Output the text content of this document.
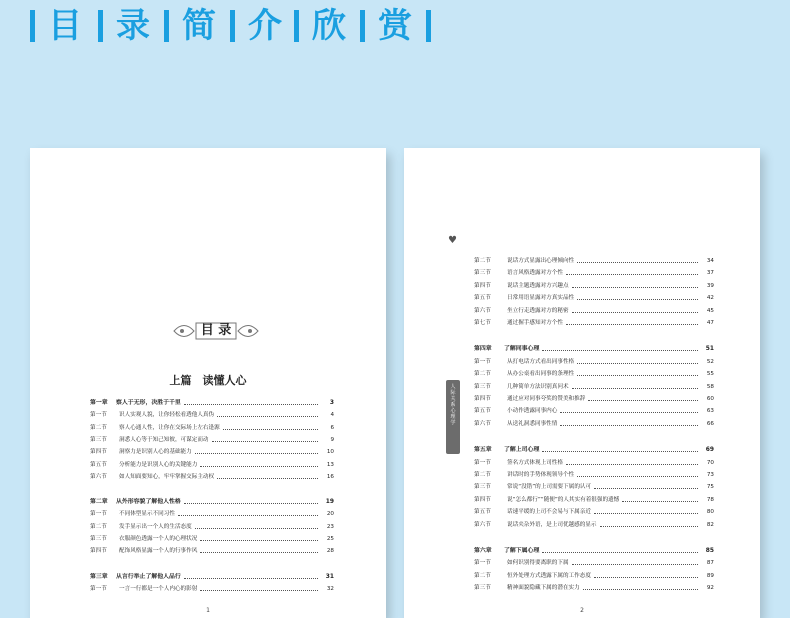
目 录 简 介 欣 赏
目 录
上篇　读懂人心
第一章 察人于无形，决胜于千里	3
第一节 识人实观人貌，让你轻松看透他人真伪	4
第二节 察人心通人性，让你在交际场上左右逢源	6
第三节 洞悉人心等于知己知彼，可谋定而动	9
第四节 洞察力是识别人心的基础能力	10
第五节 分析能力是识别人心的关键能力	13
第六节 如人知面要知心，牢牢掌握交际主动权	16
第二章 从外形容貌了解他人性格	19
第一节 不同体型显示不同习性	20
第二节 发手显示出一个人的生活态度	23
第三节 衣服颜色透露一个人的心理状况	25
第四节 配饰风格显露一个人的行事作风	28
第三章 从言行举止了解他人品行	31
第一节 一言一行都是一个人内心的影射	32
1
♥
人
际
关
系
心
理
学
第二节	说话方式显露出心理倾向性	34
第三节	语言风格透露对方个性	37
第四节	说话主题透露对方兴趣点	39
第五节	日常用语显露对方真实品性	42
第六节	坐立行走透露对方的秘密	45
第七节	通过握手感知对方个性	47
第四章 了解同事心理	51
第一节	从打电话方式看出同事性格	52
第二节	从办公桌看出同事的条理性	55
第三节	几种简单方法识别真问术	58
第四节	通过应对同事夸奖的赞美和推辞	60
第五节	小动作透露同事内心	63
第六节	从送礼洞悉同事性情	66
第五章 了解上司心理	69
第一节	签名方式体现上司性格	70
第二节	讲话时的手势体现领导个性	73
第三节	常说“没错”的上司需要下属的认可	75
第四节	说“怎么都行”“随便”的人其实有着很强的遗憾	78
第五节	话速平缓的上司不会易与下属亲近	80
第六节	说话夹杂外语，是上司优越感的显示	82
第六章 了解下属心理	85
第一节	如何识别得要离职的下属	87
第二节	恒外处理方式透露下属的工作态度	89
第三节	精神面貌隐藏下属的潜在实力	92
2
